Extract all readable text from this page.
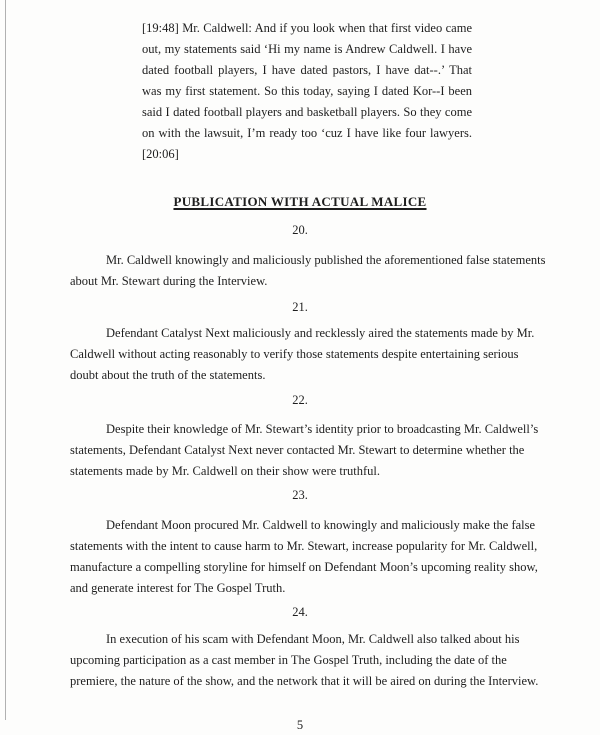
[19:48] Mr. Caldwell: And if you look when that first video came out, my statements said ‘Hi my name is Andrew Caldwell. I have dated football players, I have dated pastors, I have dat--.’ That was my first statement. So this today, saying I dated Kor--I been said I dated football players and basketball players. So they come on with the lawsuit, I’m ready too ‘cuz I have like four lawyers. [20:06]
PUBLICATION WITH ACTUAL MALICE
20.

Mr. Caldwell knowingly and maliciously published the aforementioned false statements about Mr. Stewart during the Interview.

21.

Defendant Catalyst Next maliciously and recklessly aired the statements made by Mr. Caldwell without acting reasonably to verify those statements despite entertaining serious doubt about the truth of the statements.

22.

Despite their knowledge of Mr. Stewart’s identity prior to broadcasting Mr. Caldwell’s statements, Defendant Catalyst Next never contacted Mr. Stewart to determine whether the statements made by Mr. Caldwell on their show were truthful.

23.

Defendant Moon procured Mr. Caldwell to knowingly and maliciously make the false statements with the intent to cause harm to Mr. Stewart, increase popularity for Mr. Caldwell, manufacture a compelling storyline for himself on Defendant Moon’s upcoming reality show, and generate interest for The Gospel Truth.

24.

In execution of his scam with Defendant Moon, Mr. Caldwell also talked about his upcoming participation as a cast member in The Gospel Truth, including the date of the premiere, the nature of the show, and the network that it will be aired on during the Interview.

5
